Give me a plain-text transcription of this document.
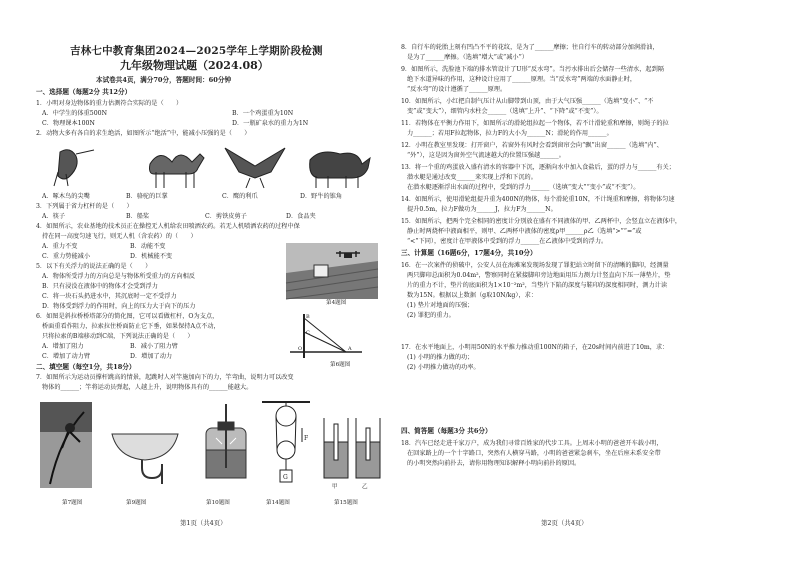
吉林七中教育集团2024—2025学年上学期阶段检测
九年级物理试题（2024.08）
本试卷共4页，满分70分，答题时间：60分钟
一、选择题（每题2分 共12分）
1．小明对身边物体的重力估测符合实际的是（　　）
A．中学生的体重500N	B．一个鸡蛋重为10N
C．物理课本100N	D．一瓶矿泉水的重力为1N
2．动物大多有各自的求生绝活，如图所示“绝活”中，能减小压强的是（　　）
A．啄木鸟的尖嘴	B．骆驼的巨掌	C．鹰的利爪	D．野牛的锥角
3．下列属于省力杠杆的是（　　）
A．筷子	B．船桨	C．剪铁皮剪子	D．食品夹
4．如图所示，农业基地的技术员正在操控无人机给农田喷洒农药。若无人机喷洒农药的过程中保
持在同一高度匀速飞行，则无人机（含农药）的（　　）
A．重力不变	B．动能不变
C．重力势能减小	D．机械能不变
第4题图
5．以下有关浮力的说法正确的是（　　）
A．物体所受浮力的方向总是与物体所受重力的方向相反
B．只有浸没在液体中的物体才会受到浮力
C．将一块石头扔进水中，其沉底时一定不受浮力
D．物体受到浮力的作用时，向上的压力大于向下的压力
6．如图是斜拉桥桥塔部分的简化图，它可以看做杠杆，O为支点，
桥面重看作阻力，拉索拉住桥面防止它下垂，如果保持A点不动，
只将拉索的B端移动到C端，下列说法正确的是（　　）
A．增加了阻力	B．减小了阻力臂
C．增加了动力臂	D．增加了动力
B
C
O	A
第6题图
二、填空题（每空1分，共18分）
7．如图所示为运动员撑杆跳高的情景，起跳时人对竿施加向下的力，竿弯曲，说明力可以改变
物体的______；竿将运动员弹起，人越上升，说明物体具有的______能越大。
G
F
第7题图	第9题图	第10题图	第14题图	第15题图
甲	乙
第1页（共4页）
8．自行车的轮胎上刻有凹凸不平的花纹，是为了______摩擦；往自行车的转动部分加润滑油，
是为了______摩擦。（选填“增大”或“减小”）
9．如图所示，洗脸池下端的排水管设计了U形“反水弯”。当污水排出后会储存一些清水，起到隔
绝下水道异味的作用，这种设计应用了______原理。当“反水弯”两端的水面静止时，
“反水弯”的设计遵循了______原理。
10．如图所示，小红把自制气压计从山脚带到山顶，由于大气压强______（选填“变小”、“不
变”或“变大”），细管内水柱会______（选填“上升”、“下降”或“不变”）。
11．若物体在平衡力作用下，如图所示的滑轮组拉起一个物体，若不计滑轮重和摩擦，则绳子的拉
力______；若用F拉起物体，拉力F的大小为______N；滑轮的作用______。
12．小明在教室里发现：打开窗户，若窗外有风时会看到窗帘会向“飘”出窗______（选填“内”、
“外”），这是因为窗外空气流速越大的位置压强越______。
13．将一个重的鸡蛋放入盛有清水的容器中下沉，逐渐向水中加入食盐后，蛋的浮力与______有关；
潜水艇是通过改变______来实现上浮和下沉的。
在潜水艇逐渐浮出水面的过程中，受到的浮力______（选填“变大”“变小”或“不变”）。
14．如图所示，使用滑轮组提升重为400N的物体，每个滑轮重10N，不计绳重和摩擦，将物体匀速
提升0.5m，拉力F做功为______J，拉力F为______N。
15．如图所示，把两个完全相同的密度计分别放在盛有不同液体的甲、乙两杯中，会竖直立在液体中，
静止时两烧杯中液面相平，则甲、乙两杯中液体的密度ρ甲______ρ乙（选填“>”“=”或
“<”下同），密度计在甲液体中受到的浮力______在乙液体中受到的浮力。
三、计算题（16题6分，17题4分，共10分）
16．在一次案件的侦破中，公安人员在海滩案发现场发现了罪犯站立时留下的清晰的脚印，经测量
两只脚印总面积为0.04m²，警察同时在紧接脚印旁边地面用压力测力计竖直向下压一薄垫片，垫
片的重力不计，垫片的底面积为1×10⁻²m²，当垫片下陷的深度与鞋印的深度相同时，测力计读
数为15N。根据以上数据（g取10N/kg），求：
(1) 垫片对地面的压强；
(2) 罪犯的重力。
17．在水平地面上，小明用50N的水平推力推动重100N的箱子，在20s时间内前进了10m，求：
(1) 小明的推力做的功；
(2) 小明推力做功的功率。
四、简答题（每题3分 共6分）
18．汽车已经走进千家万户，成为我们寻常百姓家的代步工具。上周末小明的爸爸开车载小明，
在回家路上的一个十字路口，突然有人横穿马路，小明的爸爸紧急刹车，坐在后座未系安全带
的小明突然向前扑去，请你用物理知识解释小明向前扑的原因。
第2页（共4页）
